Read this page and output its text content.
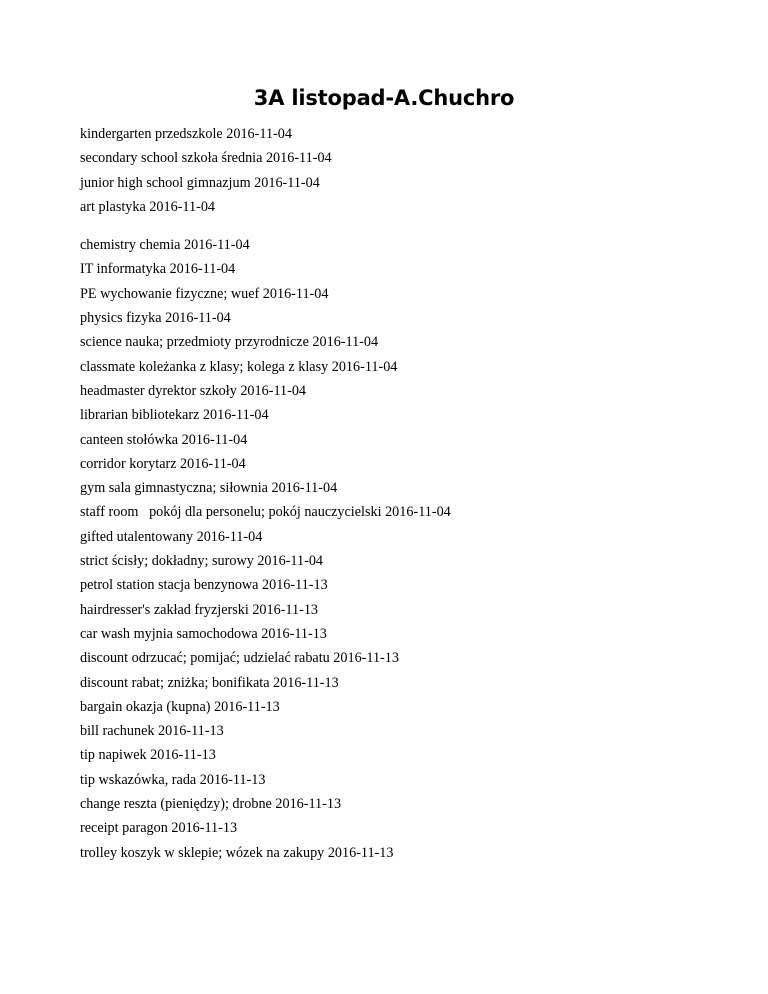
3A listopad-A.Chuchro
kindergarten przedszkole 2016-11-04
secondary school szkoła średnia 2016-11-04
junior high school gimnazjum 2016-11-04
art plastyka 2016-11-04
chemistry chemia 2016-11-04
IT informatyka 2016-11-04
PE wychowanie fizyczne; wuef 2016-11-04
physics fizyka 2016-11-04
science nauka; przedmioty przyrodnicze 2016-11-04
classmate koleżanka z klasy; kolega z klasy 2016-11-04
headmaster dyrektor szkoły 2016-11-04
librarian bibliotekarz 2016-11-04
canteen stołówka 2016-11-04
corridor korytarz 2016-11-04
gym sala gimnastyczna; siłownia 2016-11-04
staff room   pokój dla personelu; pokój nauczycielski 2016-11-04
gifted utalentowany 2016-11-04
strict ścisły; dokładny; surowy 2016-11-04
petrol station stacja benzynowa 2016-11-13
hairdresser's zakład fryzjerski 2016-11-13
car wash myjnia samochodowa 2016-11-13
discount odrzucać; pomijać; udzielać rabatu 2016-11-13
discount rabat; zniżka; bonifikata 2016-11-13
bargain okazja (kupna) 2016-11-13
bill rachunek 2016-11-13
tip napiwek 2016-11-13
tip wskazówka, rada 2016-11-13
change reszta (pieniędzy); drobne 2016-11-13
receipt paragon 2016-11-13
trolley koszyk w sklepie; wózek na zakupy 2016-11-13
